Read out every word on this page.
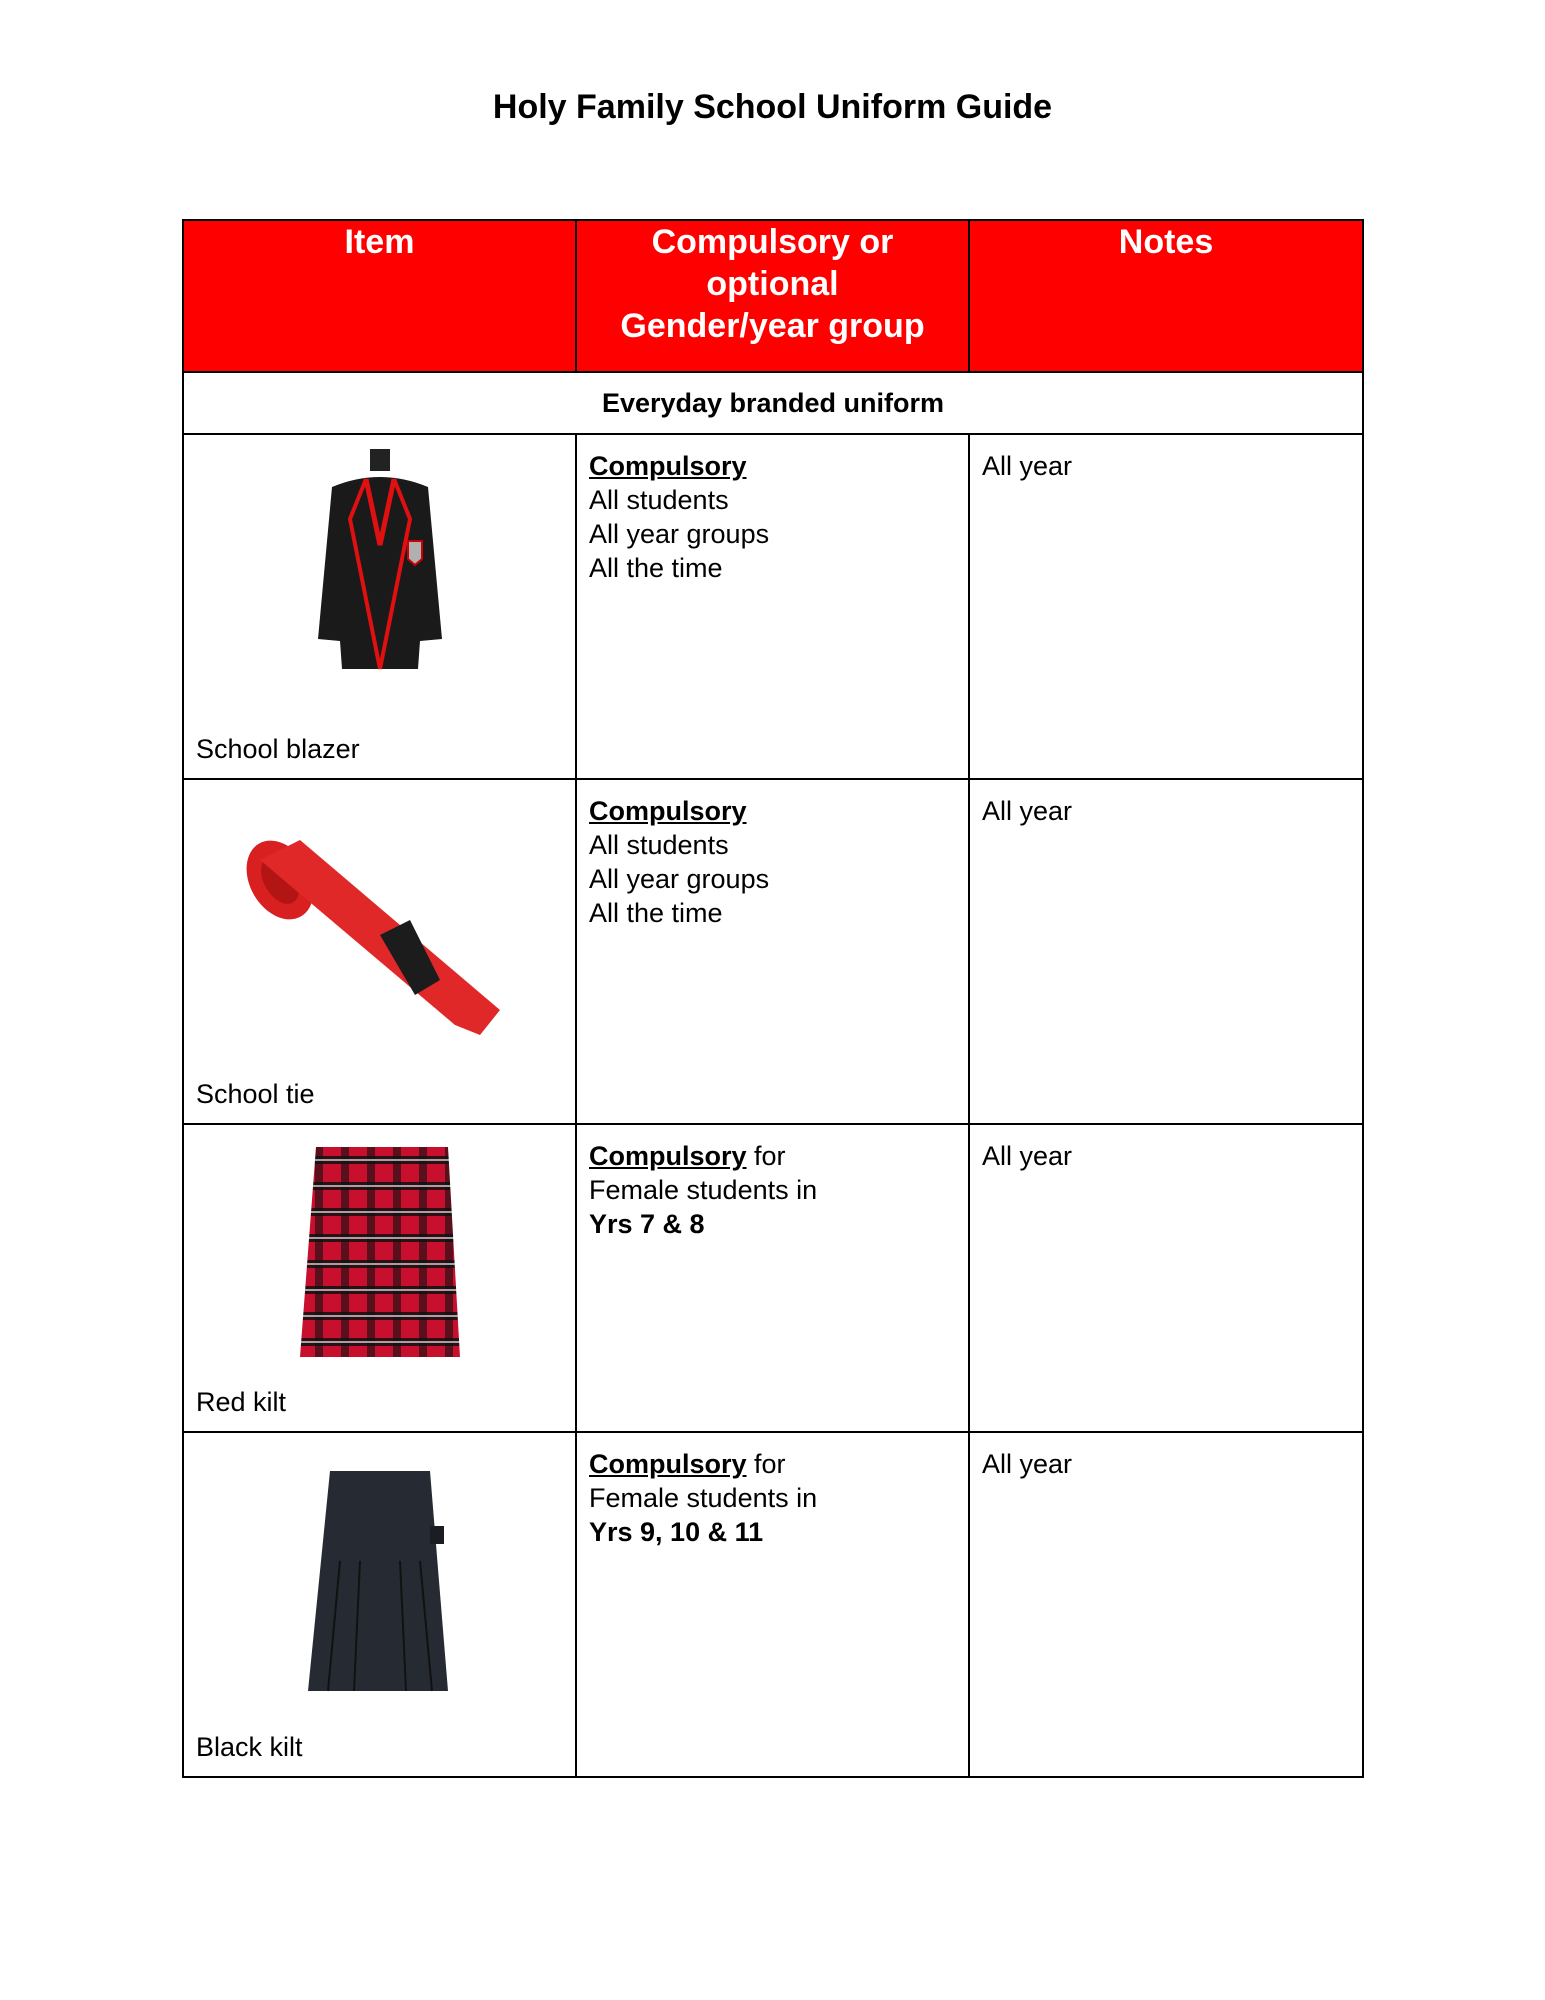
Holy Family School Uniform Guide
Item	Compulsory or
optional
Gender/year group	Notes
Everyday branded uniform		

School blazer	Compulsory
All students
All year groups
All the time	All year

School tie	Compulsory
All students
All year groups
All the time	All year

Red kilt	Compulsory for
Female students in
Yrs 7 & 8	All year

Black kilt	Compulsory for
Female students in
Yrs 9, 10 & 11	All year
